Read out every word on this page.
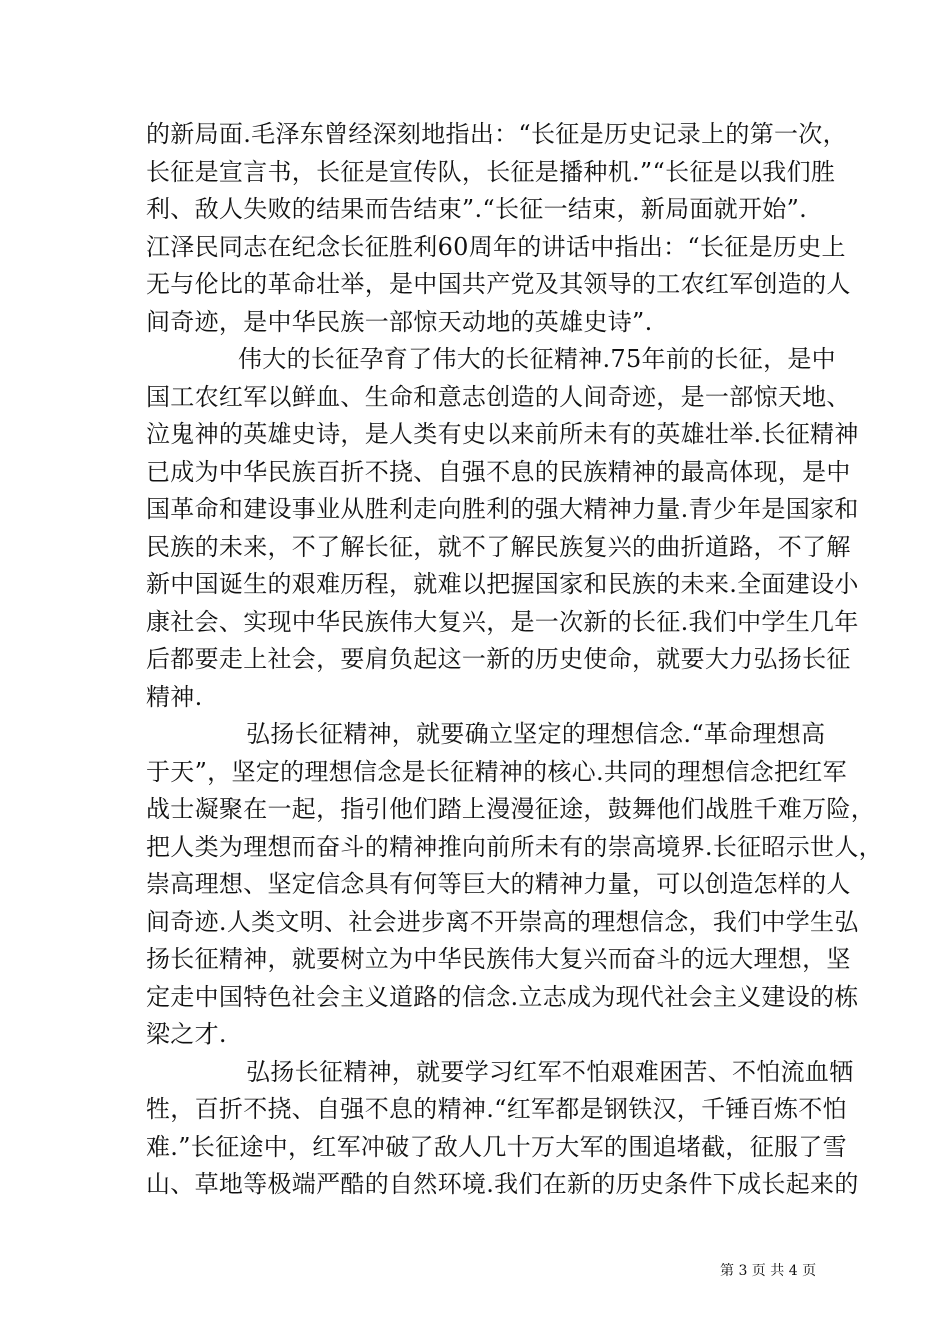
的新局面.毛泽东曾经深刻地指出：“长征是历史记录上的第一次，
长征是宣言书，长征是宣传队，长征是播种机.”“长征是以我们胜
利、敌人失败的结果而告结束”.“长征一结束，新局面就开始”.
江泽民同志在纪念长征胜利60周年的讲话中指出：“长征是历史上
无与伦比的革命壮举，是中国共产党及其领导的工农红军创造的人
间奇迹，是中华民族一部惊天动地的英雄史诗”.
伟大的长征孕育了伟大的长征精神.75年前的长征，是中
国工农红军以鲜血、生命和意志创造的人间奇迹，是一部惊天地、
泣鬼神的英雄史诗，是人类有史以来前所未有的英雄壮举.长征精神
已成为中华民族百折不挠、自强不息的民族精神的最高体现，是中
国革命和建设事业从胜利走向胜利的强大精神力量.青少年是国家和
民族的未来，不了解长征，就不了解民族复兴的曲折道路，不了解
新中国诞生的艰难历程，就难以把握国家和民族的未来.全面建设小
康社会、实现中华民族伟大复兴，是一次新的长征.我们中学生几年
后都要走上社会，要肩负起这一新的历史使命，就要大力弘扬长征
精神.
弘扬长征精神，就要确立坚定的理想信念.“革命理想高
于天”，坚定的理想信念是长征精神的核心.共同的理想信念把红军
战士凝聚在一起，指引他们踏上漫漫征途，鼓舞他们战胜千难万险，
把人类为理想而奋斗的精神推向前所未有的崇高境界.长征昭示世人，
崇高理想、坚定信念具有何等巨大的精神力量，可以创造怎样的人
间奇迹.人类文明、社会进步离不开崇高的理想信念，我们中学生弘
扬长征精神，就要树立为中华民族伟大复兴而奋斗的远大理想，坚
定走中国特色社会主义道路的信念.立志成为现代社会主义建设的栋
梁之才.
弘扬长征精神，就要学习红军不怕艰难困苦、不怕流血牺
牲，百折不挠、自强不息的精神.“红军都是钢铁汉，千锤百炼不怕
难.”长征途中，红军冲破了敌人几十万大军的围追堵截，征服了雪
山、草地等极端严酷的自然环境.我们在新的历史条件下成长起来的
第 3 页 共 4 页
